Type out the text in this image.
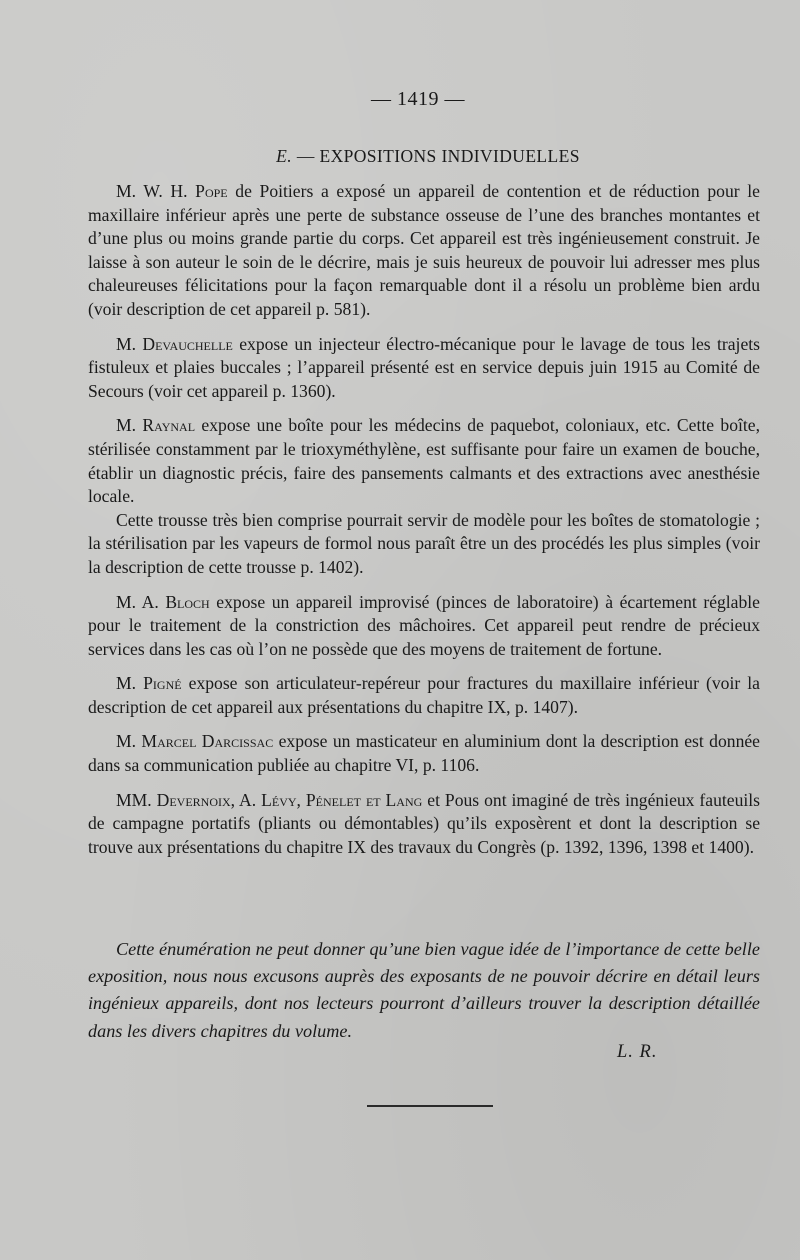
— 1419 —
E. — EXPOSITIONS INDIVIDUELLES

M. W. H. Pope de Poitiers a exposé un appareil de contention et de réduction pour le maxillaire inférieur après une perte de substance osseuse de l’une des branches montantes et d’une plus ou moins grande partie du corps. Cet appareil est très ingénieusement construit. Je laisse à son auteur le soin de le décrire, mais je suis heureux de pouvoir lui adresser mes plus chaleureuses félicitations pour la façon remarquable dont il a résolu un problème bien ardu (voir description de cet appareil p. 581).

M. Devauchelle expose un injecteur électro-mécanique pour le lavage de tous les trajets fistuleux et plaies buccales ; l’appareil présenté est en service depuis juin 1915 au Comité de Secours (voir cet appareil p. 1360).

M. Raynal expose une boîte pour les médecins de paquebot, coloniaux, etc. Cette boîte, stérilisée constamment par le trioxyméthylène, est suffisante pour faire un examen de bouche, établir un diagnostic précis, faire des pansements calmants et des extractions avec anesthésie locale.

Cette trousse très bien comprise pourrait servir de modèle pour les boîtes de stomatologie ; la stérilisation par les vapeurs de formol nous paraît être un des procédés les plus simples (voir la description de cette trousse p. 1402).

M. A. Bloch expose un appareil improvisé (pinces de laboratoire) à écartement réglable pour le traitement de la constriction des mâchoires. Cet appareil peut rendre de précieux services dans les cas où l’on ne possède que des moyens de traitement de fortune.

M. Pigné expose son articulateur-repéreur pour fractures du maxillaire inférieur (voir la description de cet appareil aux présentations du chapitre IX, p. 1407).

M. Marcel Darcissac expose un masticateur en aluminium dont la description est donnée dans sa communication publiée au chapitre VI, p. 1106.

MM. Devernoix, A. Lévy, Pénelet et Lang et Pous ont imaginé de très ingénieux fauteuils de campagne portatifs (pliants ou démontables) qu’ils exposèrent et dont la description se trouve aux présentations du chapitre IX des travaux du Congrès (p. 1392, 1396, 1398 et 1400).

Cette énumération ne peut donner qu’une bien vague idée de l’importance de cette belle exposition, nous nous excusons auprès des exposants de ne pouvoir décrire en détail leurs ingénieux appareils, dont nos lecteurs pourront d’ailleurs trouver la description détaillée dans les divers chapitres du volume.

L. R.
